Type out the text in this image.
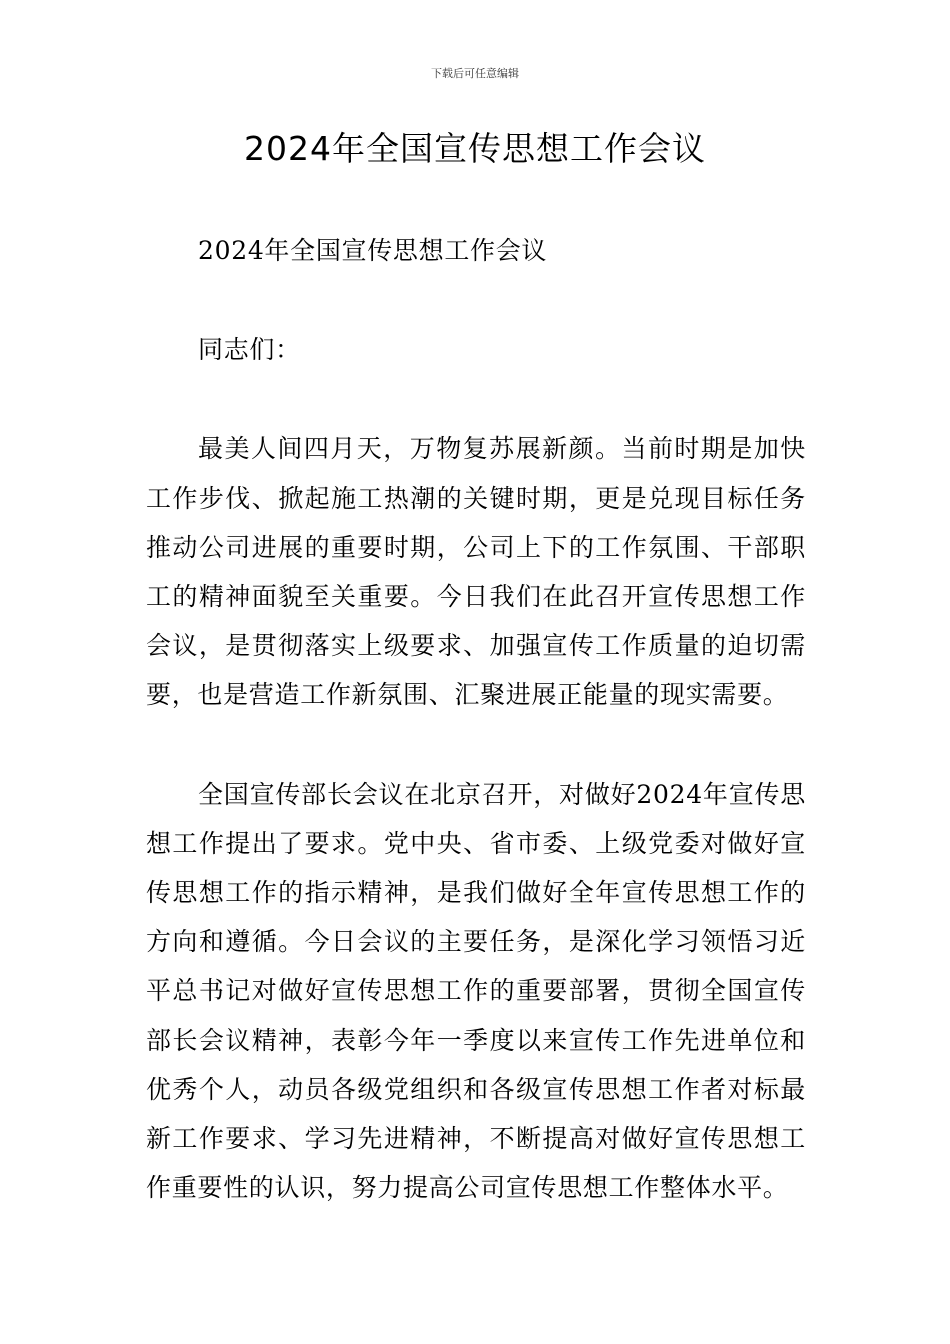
下载后可任意编辑
2024年全国宣传思想工作会议

2024年全国宣传思想工作会议

同志们：

最美人间四月天，万物复苏展新颜。当前时期是加快工作步伐、掀起施工热潮的关键时期，更是兑现目标任务推动公司进展的重要时期，公司上下的工作氛围、干部职工的精神面貌至关重要。今日我们在此召开宣传思想工作会议，是贯彻落实上级要求、加强宣传工作质量的迫切需要，也是营造工作新氛围、汇聚进展正能量的现实需要。

全国宣传部长会议在北京召开，对做好2024年宣传思想工作提出了要求。党中央、省市委、上级党委对做好宣传思想工作的指示精神，是我们做好全年宣传思想工作的方向和遵循。今日会议的主要任务，是深化学习领悟习近平总书记对做好宣传思想工作的重要部署，贯彻全国宣传部长会议精神，表彰今年一季度以来宣传工作先进单位和优秀个人，动员各级党组织和各级宣传思想工作者对标最新工作要求、学习先进精神，不断提高对做好宣传思想工作重要性的认识，努力提高公司宣传思想工作整体水平。
